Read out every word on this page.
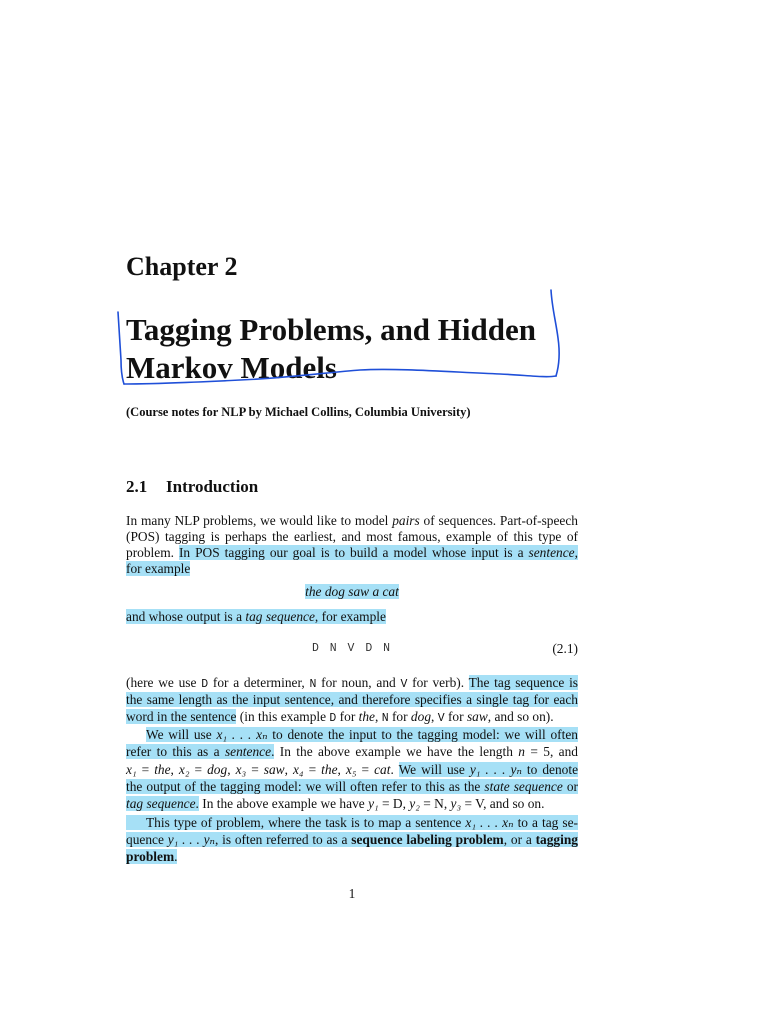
Chapter 2
Tagging Problems, and Hidden
Markov Models
(Course notes for NLP by Michael Collins, Columbia University)
2.1 Introduction
In many NLP problems, we would like to model pairs of sequences. Part-of-speech
(POS) tagging is perhaps the earliest, and most famous, example of this type of
problem. In POS tagging our goal is to build a model whose input is a sentence,
for example
the dog saw a cat
and whose output is a tag sequence, for example
D N V D N	(2.1)
(here we use D for a determiner, N for noun, and V for verb). The tag sequence is
the same length as the input sentence, and therefore specifies a single tag for each
word in the sentence (in this example D for the, N for dog, V for saw, and so on).
We will use x₁ . . . xₙ to denote the input to the tagging model: we will often
refer to this as a sentence. In the above example we have the length n = 5, and
x₁ = the, x₂ = dog, x₃ = saw, x₄ = the, x₅ = cat. We will use y₁ . . . yₙ to denote
the output of the tagging model: we will often refer to this as the state sequence or
tag sequence. In the above example we have y₁ = D, y₂ = N, y₃ = V, and so on.
This type of problem, where the task is to map a sentence x₁ . . . xₙ to a tag se-
quence y₁ . . . yₙ, is often referred to as a sequence labeling problem, or a tagging
problem.
1
